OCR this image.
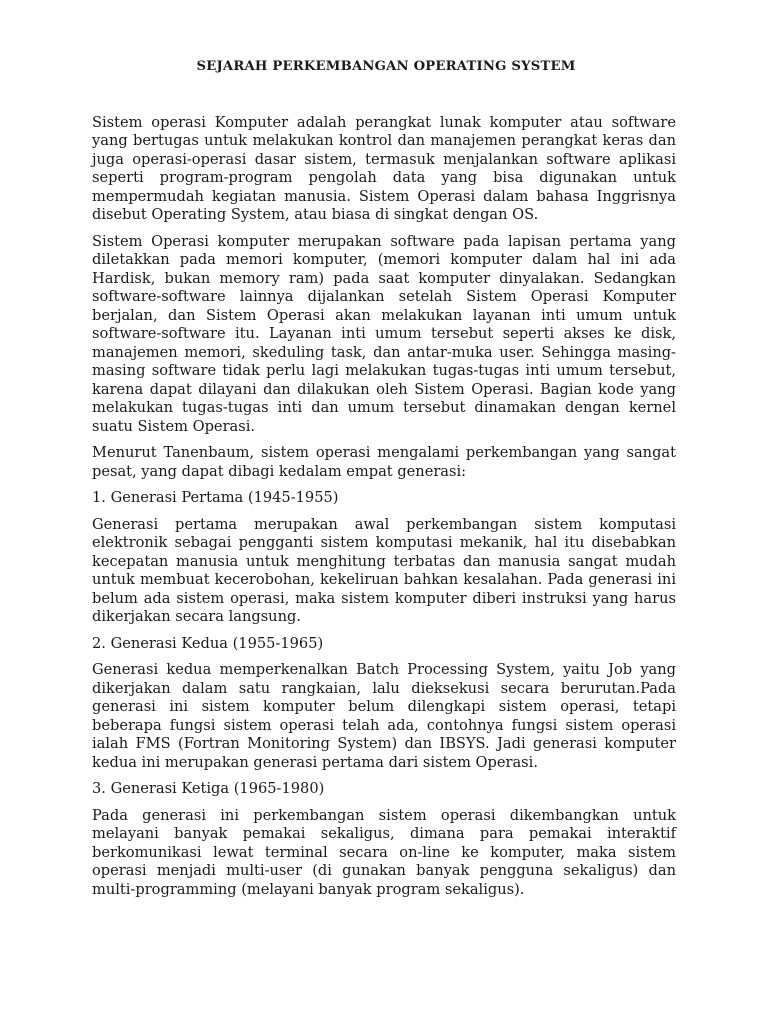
SEJARAH PERKEMBANGAN OPERATING SYSTEM

Sistem operasi Komputer adalah perangkat lunak komputer atau software yang bertugas untuk melakukan kontrol dan manajemen perangkat keras dan juga operasi-operasi dasar sistem, termasuk menjalankan software aplikasi seperti program-program pengolah data yang bisa digunakan untuk mempermudah kegiatan manusia. Sistem Operasi dalam bahasa Inggrisnya disebut Operating System, atau biasa di singkat dengan OS.

Sistem Operasi komputer merupakan software pada lapisan pertama yang diletakkan pada memori komputer, (memori komputer dalam hal ini ada Hardisk, bukan memory ram) pada saat komputer dinyalakan. Sedangkan software-software lainnya dijalankan setelah Sistem Operasi Komputer berjalan, dan Sistem Operasi akan melakukan layanan inti umum untuk software-software itu. Layanan inti umum tersebut seperti akses ke disk, manajemen memori, skeduling task, dan antar-muka user. Sehingga masing-masing software tidak perlu lagi melakukan tugas-tugas inti umum tersebut, karena dapat dilayani dan dilakukan oleh Sistem Operasi. Bagian kode yang melakukan tugas-tugas inti dan umum tersebut dinamakan dengan kernel suatu Sistem Operasi.

Menurut Tanenbaum, sistem operasi mengalami perkembangan yang sangat pesat, yang dapat dibagi kedalam empat generasi:

1. Generasi Pertama (1945-1955)

Generasi pertama merupakan awal perkembangan sistem komputasi elektronik sebagai pengganti sistem komputasi mekanik, hal itu disebabkan kecepatan manusia untuk menghitung terbatas dan manusia sangat mudah untuk membuat kecerobohan, kekeliruan bahkan kesalahan. Pada generasi ini belum ada sistem operasi, maka sistem komputer diberi instruksi yang harus dikerjakan secara langsung.

2. Generasi Kedua (1955-1965)

Generasi kedua memperkenalkan Batch Processing System, yaitu Job yang dikerjakan dalam satu rangkaian, lalu dieksekusi secara berurutan.Pada generasi ini sistem komputer belum dilengkapi sistem operasi, tetapi beberapa fungsi sistem operasi telah ada, contohnya fungsi sistem operasi ialah FMS (Fortran Monitoring System) dan IBSYS. Jadi generasi komputer kedua ini merupakan generasi pertama dari sistem Operasi.

3. Generasi Ketiga (1965-1980)

Pada generasi ini perkembangan sistem operasi dikembangkan untuk melayani banyak pemakai sekaligus, dimana para pemakai interaktif berkomunikasi lewat terminal secara on-line ke komputer, maka sistem operasi menjadi multi-user (di gunakan banyak pengguna sekaligus) dan multi-programming (melayani banyak program sekaligus).
